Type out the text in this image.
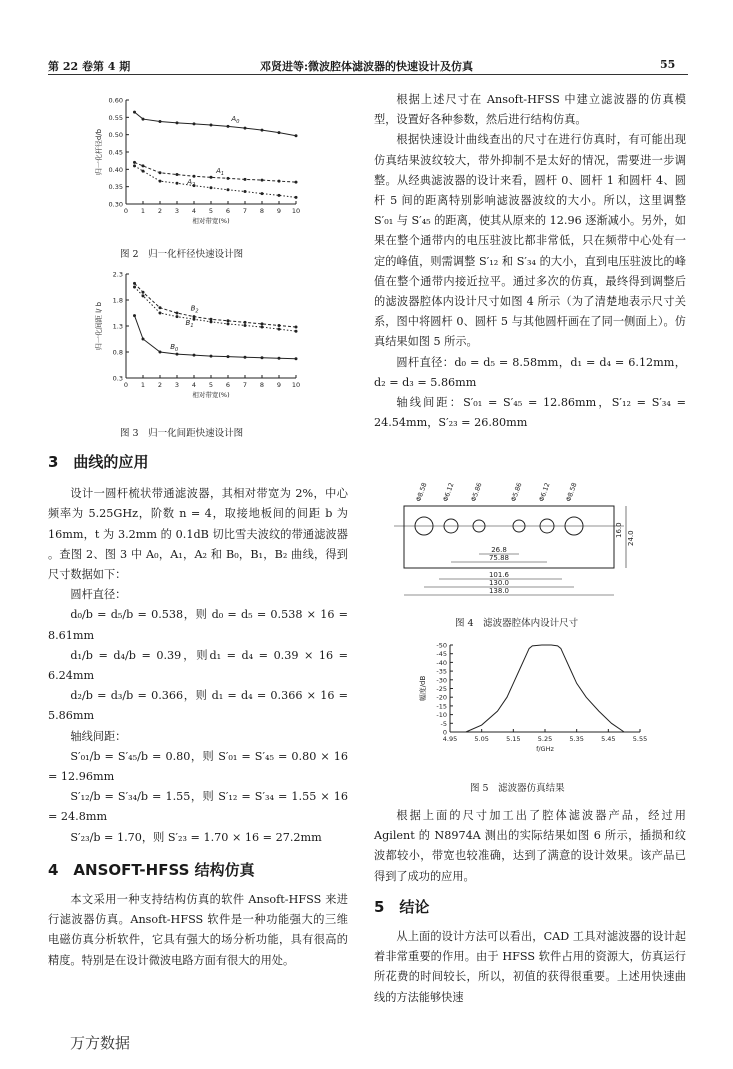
第 22 卷第 4 期	邓贤进等:微波腔体滤波器的快速设计及仿真	55
0.30
0.35
0.40
0.45
0.50
0.55
0.60
0 1 2 3 4 5 6 7 8 9 10
相对带宽(%)
归一化杆径d/b
$A_0$
$A_1$
$A_2$
图 2　归一化杆径快速设计图
0.3
0.8
1.3
1.8
2.3
0 1 2 3 4 5 6 7 8 9 10
相对带宽(%)
归一化间距 l/ b	$B_2$
$B_1$
$B_0$
图 3　归一化间距快速设计图

3　曲线的应用

设计一圆杆梳状带通滤波器，其相对带宽为 2%，中心频率为 5.25GHz，阶数 n = 4，取接地板间的间距 b 为 16mm，t 为 3.2mm 的 0.1dB 切比雪夫波纹的带通滤波器 。查图 2、图 3 中 A₀，A₁，A₂ 和 B₀，B₁，B₂ 曲线，得到尺寸数据如下：

圆杆直径：

d₀/b = d₅/b = 0.538，则 d₀ = d₅ = 0.538 × 16 = 8.61mm

d₁/b = d₄/b = 0.39，则d₁ = d₄ = 0.39 × 16 = 6.24mm

d₂/b = d₃/b = 0.366，则 d₁ = d₄ = 0.366 × 16 = 5.86mm

轴线间距：

S′₀₁/b = S′₄₅/b = 0.80，则 S′₀₁ = S′₄₅ = 0.80 × 16 = 12.96mm

S′₁₂/b = S′₃₄/b = 1.55，则 S′₁₂ = S′₃₄ = 1.55 × 16 = 24.8mm

S′₂₃/b = 1.70，则 S′₂₃ = 1.70 × 16 = 27.2mm

4　ANSOFT-HFSS 结构仿真

本文采用一种支持结构仿真的软件 Ansoft-HFSS 来进行滤波器仿真。Ansoft-HFSS 软件是一种功能强大的三维电磁仿真分析软件，它具有强大的场分析功能，具有很高的精度。特别是在设计微波电路方面有很大的用处。

根据上述尺寸在 Ansoft-HFSS 中建立滤波器的仿真模型，设置好各种参数，然后进行结构仿真。

根据快速设计曲线查出的尺寸在进行仿真时，有可能出现仿真结果波纹较大，带外抑制不是太好的情况，需要进一步调整。从经典滤波器的设计来看，圆杆 0、圆杆 1 和圆杆 4、圆杆 5 间的距离特别影响滤波器波纹的大小。所以，这里调整 S′₀₁ 与 S′₄₅ 的距离，使其从原来的 12.96 逐渐减小。另外，如果在整个通带内的电压驻波比都非常低，只在频带中心处有一定的峰值，则需调整 S′₁₂ 和 S′₃₄ 的大小，直到电压驻波比的峰值在整个通带内接近拉平。通过多次的仿真，最终得到调整后的滤波器腔体内设计尺寸如图 4 所示（为了清楚地表示尺寸关系，图中将圆杆 0、圆杆 5 与其他圆杆画在了同一侧面上）。仿真结果如图 5 所示。

圆杆直径：d₀ = d₅ = 8.58mm，d₁ = d₄ = 6.12mm，d₂ = d₃ = 5.86mm

轴线间距：S′₀₁ = S′₄₅ = 12.86mm，S′₁₂ = S′₃₄ = 24.54mm，S′₂₃ = 26.80mm

Φ8.58 Φ6.12 Φ5.86	Φ5.86 Φ6.12 Φ8.58
26.8
75.88
101.6
130.0
138.0
16.0
24.0
图 4　滤波器腔体内设计尺寸
0
-5
-10
-15
-20
-25
-30
-35
-40
-45
-50
4.95	5.05	5.15	5.25	5.35	5.45	5.55
f/GHz
幅度/dB
图 5　滤波器仿真结果

根据上面的尺寸加工出了腔体滤波器产品，经过用 Agilent 的 N8974A 测出的实际结果如图 6 所示，插损和纹波都较小，带宽也较准确，达到了满意的设计效果。该产品已得到了成功的应用。

5　结论

从上面的设计方法可以看出，CAD 工具对滤波器的设计起着非常重要的作用。由于 HFSS 软件占用的资源大，仿真运行所花费的时间较长，所以，初值的获得很重要。上述用快速曲线的方法能够快速

万方数据
